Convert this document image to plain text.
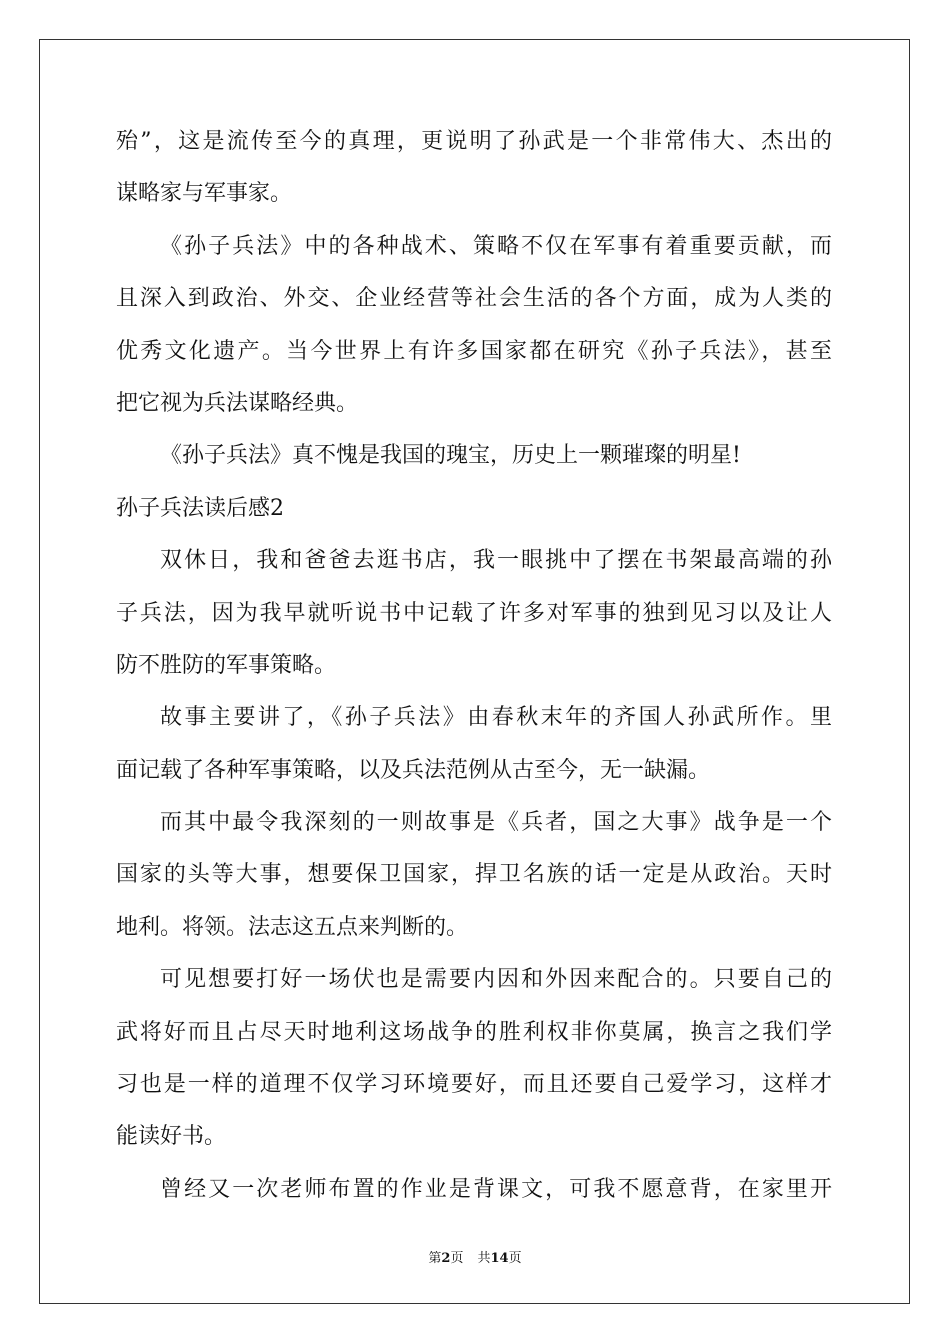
殆”，这是流传至今的真理，更说明了孙武是一个非常伟大、杰出的
谋略家与军事家。
《孙子兵法》中的各种战术、策略不仅在军事有着重要贡献，而
且深入到政治、外交、企业经营等社会生活的各个方面，成为人类的
优秀文化遗产。当今世界上有许多国家都在研究《孙子兵法》，甚至
把它视为兵法谋略经典。
《孙子兵法》真不愧是我国的瑰宝，历史上一颗璀璨的明星!
孙子兵法读后感2
双休日，我和爸爸去逛书店，我一眼挑中了摆在书架最高端的孙
子兵法，因为我早就听说书中记载了许多对军事的独到见习以及让人
防不胜防的军事策略。
故事主要讲了，《孙子兵法》由春秋末年的齐国人孙武所作。里
面记载了各种军事策略，以及兵法范例从古至今，无一缺漏。
而其中最令我深刻的一则故事是《兵者，国之大事》战争是一个
国家的头等大事，想要保卫国家，捍卫名族的话一定是从政治。天时
地利。将领。法志这五点来判断的。
可见想要打好一场伏也是需要内因和外因来配合的。只要自己的
武将好而且占尽天时地利这场战争的胜利权非你莫属，换言之我们学
习也是一样的道理不仅学习环境要好，而且还要自己爱学习，这样才
能读好书。
曾经又一次老师布置的作业是背课文，可我不愿意背，在家里开
第2页 共14页
